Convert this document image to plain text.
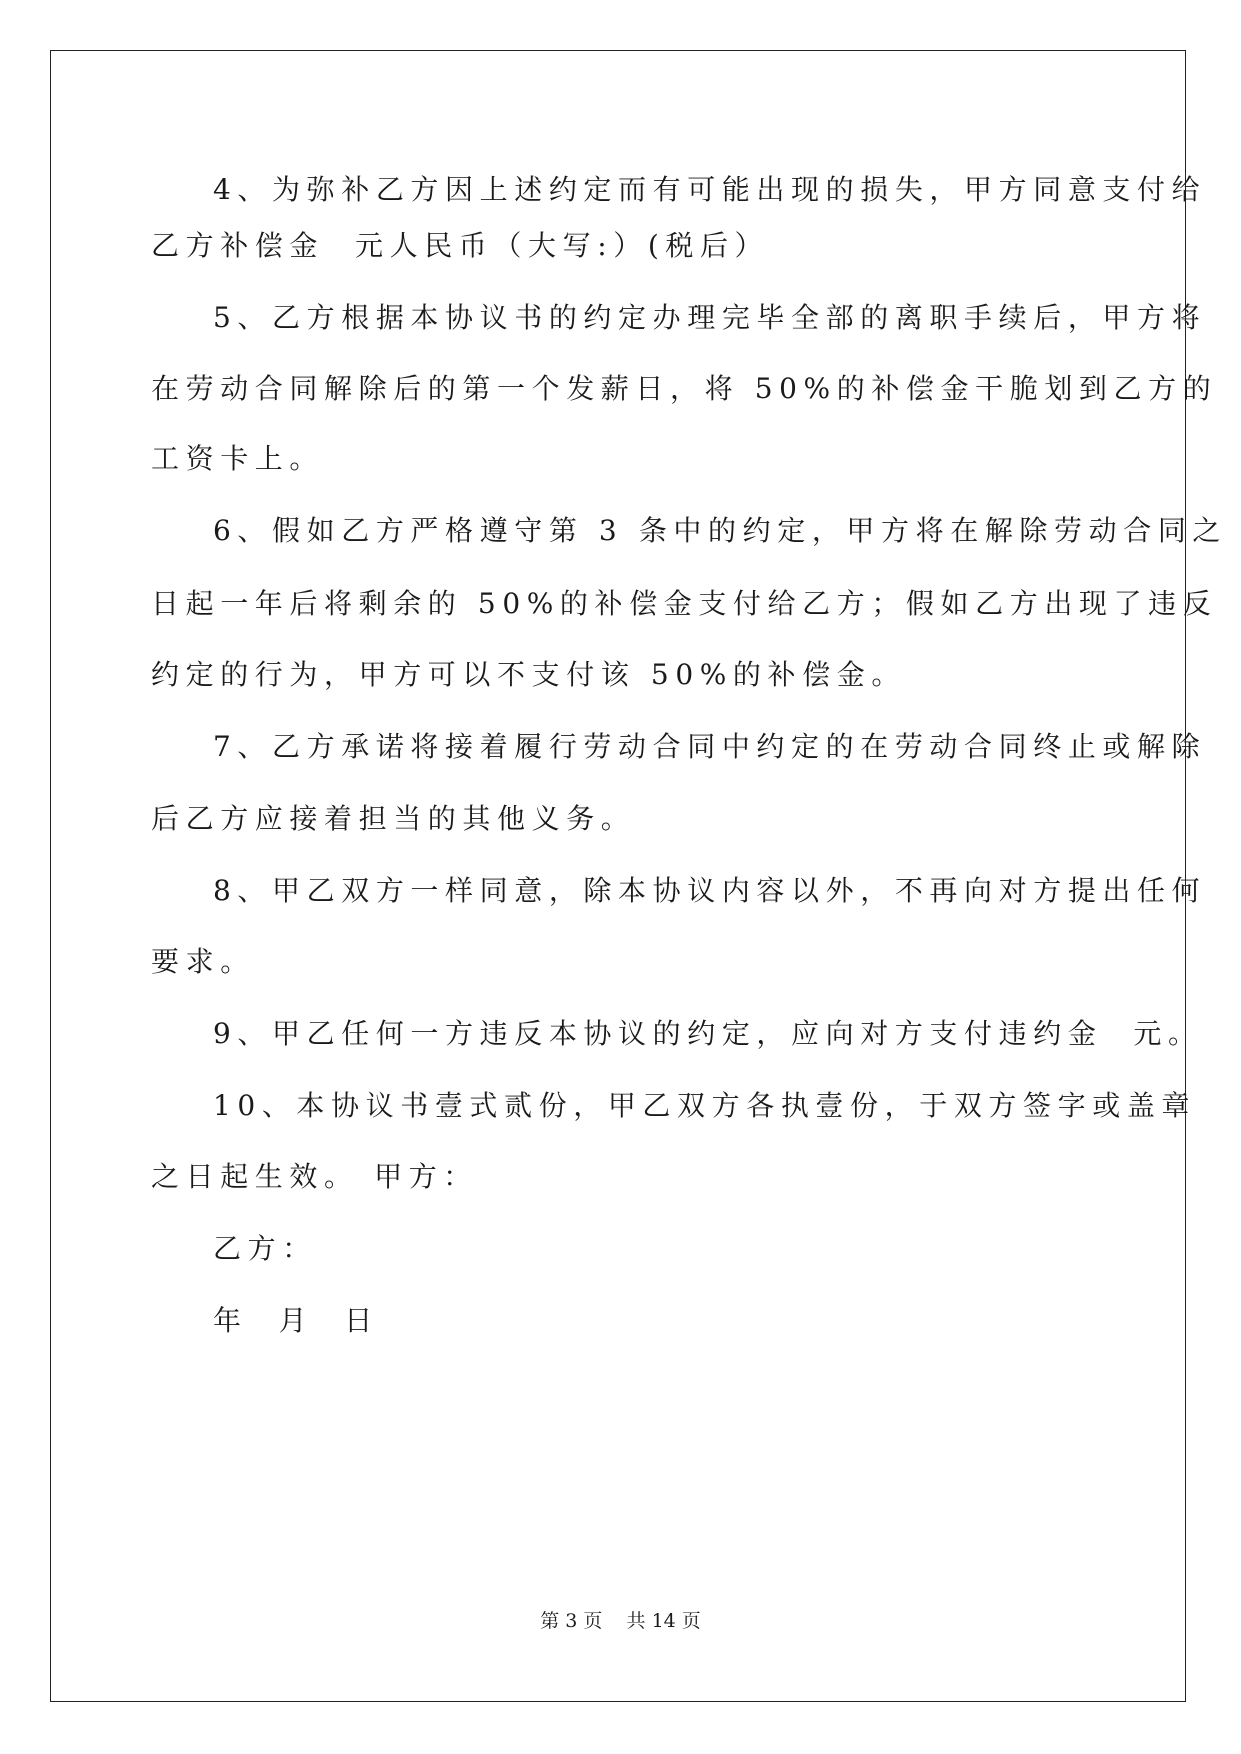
4、为弥补乙方因上述约定而有可能出现的损失，甲方同意支付给
乙方补偿金  元人民币（大写:）(税后）
5、乙方根据本协议书的约定办理完毕全部的离职手续后，甲方将
在劳动合同解除后的第一个发薪日，将 50%的补偿金干脆划到乙方的
工资卡上。
6、假如乙方严格遵守第 3 条中的约定，甲方将在解除劳动合同之
日起一年后将剩余的 50%的补偿金支付给乙方；假如乙方出现了违反
约定的行为，甲方可以不支付该 50%的补偿金。
7、乙方承诺将接着履行劳动合同中约定的在劳动合同终止或解除
后乙方应接着担当的其他义务。
8、甲乙双方一样同意，除本协议内容以外，不再向对方提出任何
要求。
9、甲乙任何一方违反本协议的约定，应向对方支付违约金  元。
10、本协议书壹式贰份，甲乙双方各执壹份，于双方签字或盖章
之日起生效。 甲方：
乙方：
年  月  日
第 3 页    共 14 页
